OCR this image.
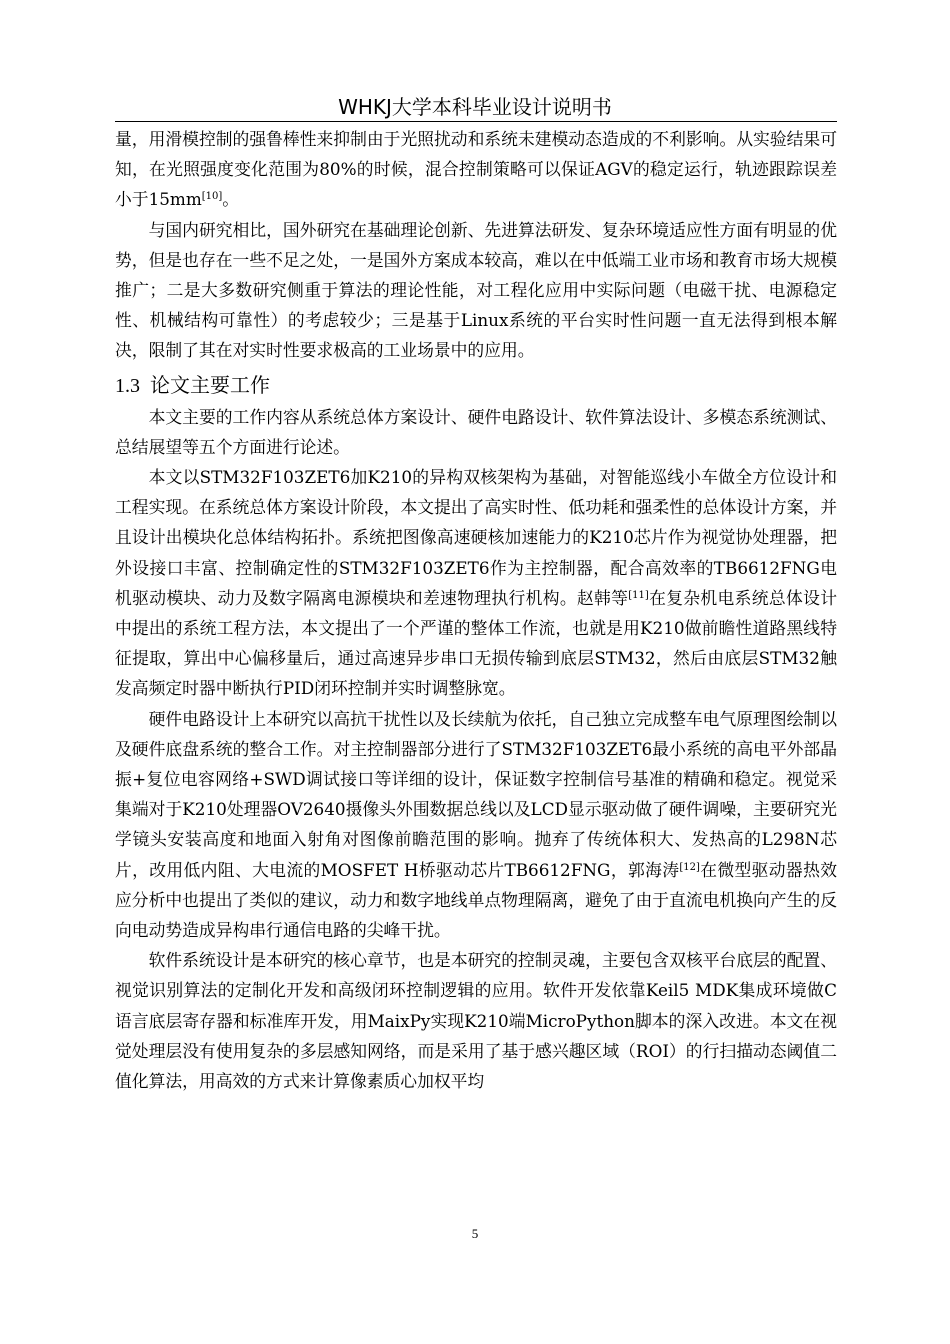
WHKJ大学本科毕业设计说明书

量，用滑模控制的强鲁棒性来抑制由于光照扰动和系统未建模动态造成的不利影响。从实验结果可知，在光照强度变化范围为80%的时候，混合控制策略可以保证AGV的稳定运行，轨迹跟踪误差小于15mm[10]。

与国内研究相比，国外研究在基础理论创新、先进算法研发、复杂环境适应性方面有明显的优势，但是也存在一些不足之处，一是国外方案成本较高，难以在中低端工业市场和教育市场大规模推广；二是大多数研究侧重于算法的理论性能，对工程化应用中实际问题（电磁干扰、电源稳定性、机械结构可靠性）的考虑较少；三是基于Linux系统的平台实时性问题一直无法得到根本解决，限制了其在对实时性要求极高的工业场景中的应用。

1.3 论文主要工作

本文主要的工作内容从系统总体方案设计、硬件电路设计、软件算法设计、多模态系统测试、总结展望等五个方面进行论述。

本文以STM32F103ZET6加K210的异构双核架构为基础，对智能巡线小车做全方位设计和工程实现。在系统总体方案设计阶段，本文提出了高实时性、低功耗和强柔性的总体设计方案，并且设计出模块化总体结构拓扑。系统把图像高速硬核加速能力的K210芯片作为视觉协处理器，把外设接口丰富、控制确定性的STM32F103ZET6作为主控制器，配合高效率的TB6612FNG电机驱动模块、动力及数字隔离电源模块和差速物理执行机构。赵韩等[11]在复杂机电系统总体设计中提出的系统工程方法，本文提出了一个严谨的整体工作流，也就是用K210做前瞻性道路黑线特征提取，算出中心偏移量后，通过高速异步串口无损传输到底层STM32，然后由底层STM32触发高频定时器中断执行PID闭环控制并实时调整脉宽。

硬件电路设计上本研究以高抗干扰性以及长续航为依托，自己独立完成整车电气原理图绘制以及硬件底盘系统的整合工作。对主控制器部分进行了STM32F103ZET6最小系统的高电平外部晶振+复位电容网络+SWD调试接口等详细的设计，保证数字控制信号基准的精确和稳定。视觉采集端对于K210处理器OV2640摄像头外围数据总线以及LCD显示驱动做了硬件调噪，主要研究光学镜头安装高度和地面入射角对图像前瞻范围的影响。抛弃了传统体积大、发热高的L298N芯片，改用低内阻、大电流的MOSFET H桥驱动芯片TB6612FNG，郭海涛[12]在微型驱动器热效应分析中也提出了类似的建议，动力和数字地线单点物理隔离，避免了由于直流电机换向产生的反向电动势造成异构串行通信电路的尖峰干扰。

软件系统设计是本研究的核心章节，也是本研究的控制灵魂，主要包含双核平台底层的配置、视觉识别算法的定制化开发和高级闭环控制逻辑的应用。软件开发依靠Keil5 MDK集成环境做C语言底层寄存器和标准库开发，用MaixPy实现K210端MicroPython脚本的深入改进。本文在视觉处理层没有使用复杂的多层感知网络，而是采用了基于感兴趣区域（ROI）的行扫描动态阈值二值化算法，用高效的方式来计算像素质心加权平均

5
